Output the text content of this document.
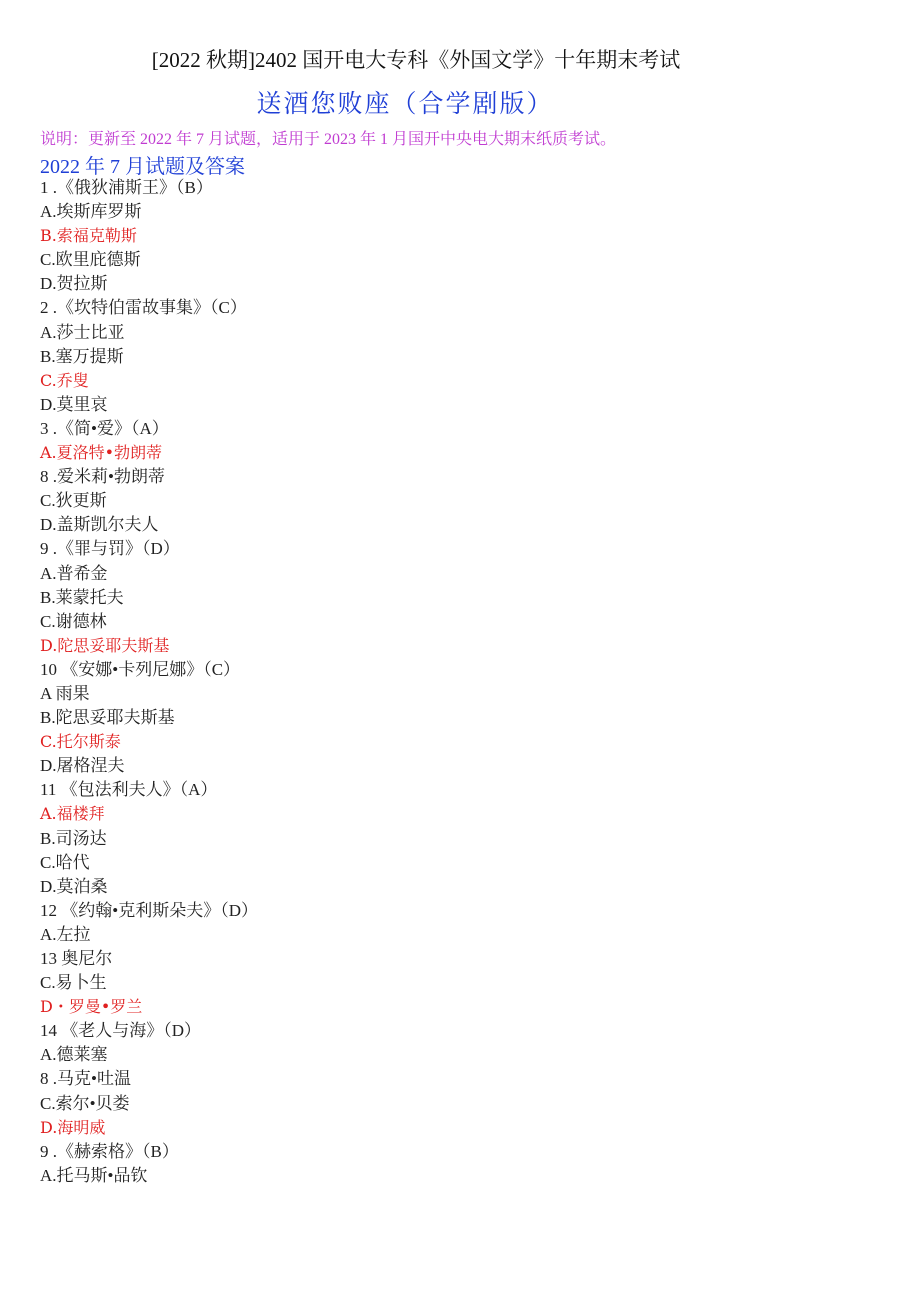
[2022 秋期]2402 国开电大专科《外国文学》十年期末考试
送酒您败座（合学剧版）
说明：更新至 2022 年 7 月试题，适用于 2023 年 1 月国开中央电大期末纸质考试。
2022 年 7 月试题及答案
1 .《俄狄浦斯王》（B）
A.埃斯库罗斯
B.索福克勒斯
C.欧里庇德斯
D.贺拉斯
2 .《坎特伯雷故事集》（C）
A.莎士比亚
B.塞万提斯
C.乔叟
D.莫里哀
3 .《简•爱》（A）
A.夏洛特•勃朗蒂
8 .爱米莉•勃朗蒂
C.狄更斯
D.盖斯凯尔夫人
9 .《罪与罚》（D）
A.普希金
B.莱蒙托夫
C.谢德林
D.陀思妥耶夫斯基
10 《安娜•卡列尼娜》（C）
A 雨果
B.陀思妥耶夫斯基
C.托尔斯泰
D.屠格涅夫
11 《包法利夫人》（A）
A.福楼拜
B.司汤达
C.哈代
D.莫泊桑
12 《约翰•克利斯朵夫》（D）
A.左拉
13 奥尼尔
C.易卜生
D・罗曼•罗兰
14 《老人与海》（D）
A.德莱塞
8 .马克•吐温
C.索尔•贝娄
D.海明威
9 .《赫索格》（B）
A.托马斯•品钦
